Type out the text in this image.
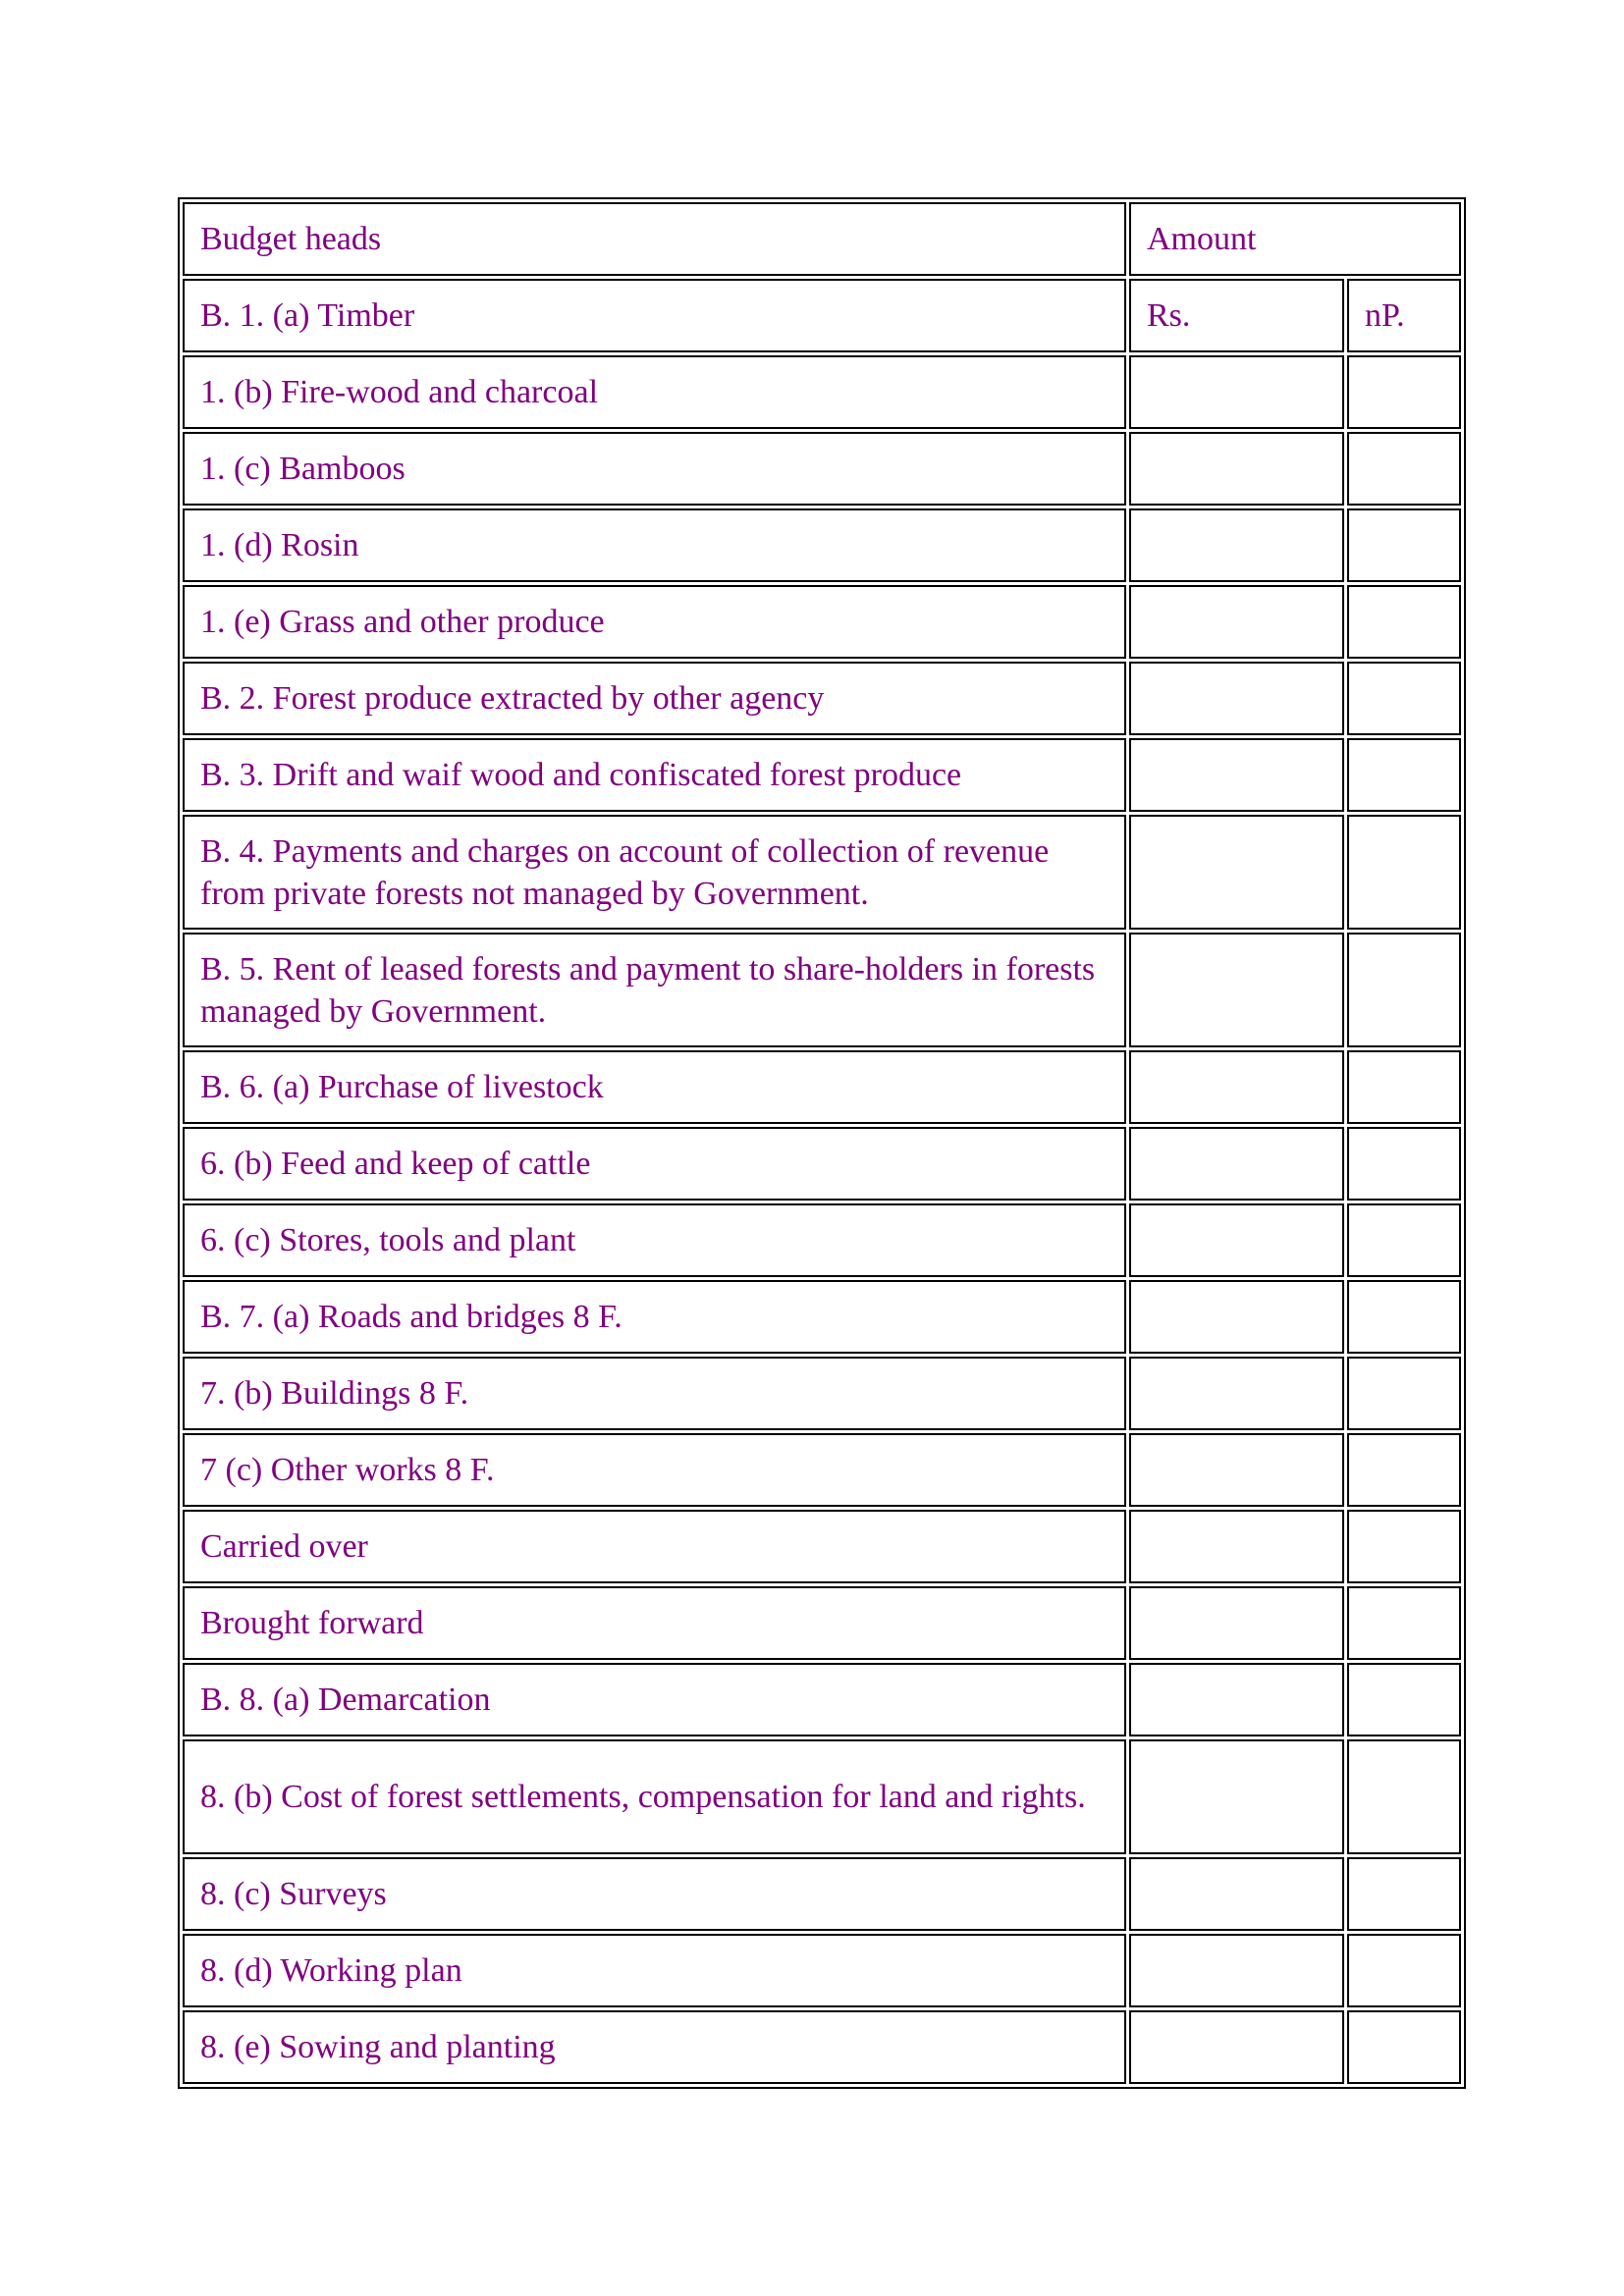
Budget heads	Amount	
B. 1. (a) Timber	Rs.	nP.
1. (b) Fire-wood and charcoal		
1. (c) Bamboos		
1. (d) Rosin		
1. (e) Grass and other produce		
B. 2. Forest produce extracted by other agency		
B. 3. Drift and waif wood and confiscated forest produce		
B. 4. Payments and charges on account of collection of revenue from private forests not managed by Government.		
B. 5. Rent of leased forests and payment to share-holders in forests managed by Government.		
B. 6. (a) Purchase of livestock		
6. (b) Feed and keep of cattle		
6. (c) Stores, tools and plant		
B. 7. (a) Roads and bridges 8 F.		
7. (b) Buildings 8 F.		
7 (c) Other works 8 F.		
Carried over		
Brought forward		
B. 8. (a) Demarcation		
8. (b) Cost of forest settlements, compensation for land and rights.		
8. (c) Surveys		
8. (d) Working plan		
8. (e) Sowing and planting		
